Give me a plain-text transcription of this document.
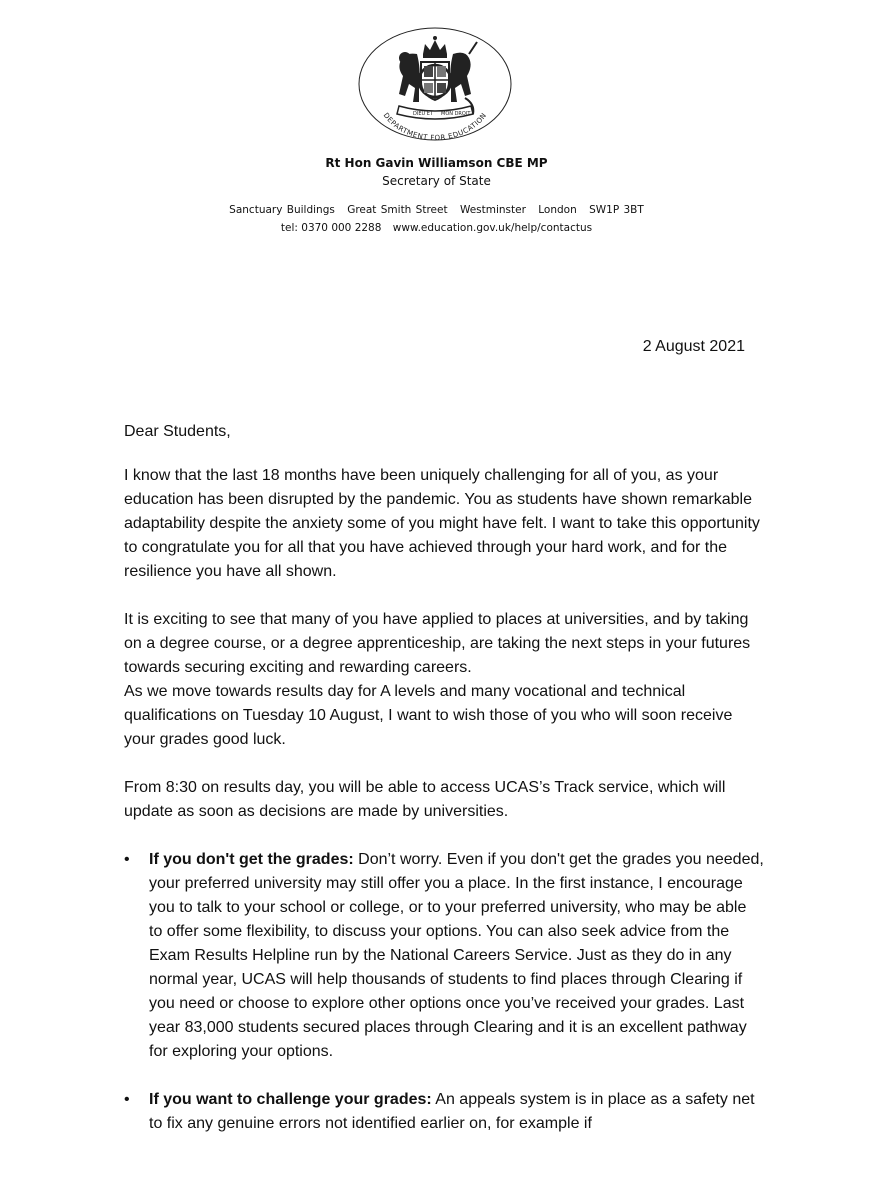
DIEU ET MON DROIT
DEPARTMENT FOR EDUCATION
Rt Hon Gavin Williamson CBE MP
Secretary of State
Sanctuary Buildings Great Smith Street Westminster London SW1P 3BT
tel: 0370 000 2288 www.education.gov.uk/help/contactus
2 August 2021

Dear Students,

I know that the last 18 months have been uniquely challenging for all of you, as your education has been disrupted by the pandemic. You as students have shown remarkable adaptability despite the anxiety some of you might have felt. I want to take this opportunity to congratulate you for all that you have achieved through your hard work, and for the resilience you have all shown.

It is exciting to see that many of you have applied to places at universities, and by taking on a degree course, or a degree apprenticeship, are taking the next steps in your futures towards securing exciting and rewarding careers.

As we move towards results day for A levels and many vocational and technical qualifications on Tuesday 10 August, I want to wish those of you who will soon receive your grades good luck.

From 8:30 on results day, you will be able to access UCAS’s Track service, which will update as soon as decisions are made by universities.

• If you don't get the grades: Don’t worry. Even if you don't get the grades you needed, your preferred university may still offer you a place. In the first instance, I encourage you to talk to your school or college, or to your preferred university, who may be able to offer some flexibility, to discuss your options. You can also seek advice from the Exam Results Helpline run by the National Careers Service. Just as they do in any normal year, UCAS will help thousands of students to find places through Clearing if you need or choose to explore other options once you’ve received your grades. Last year 83,000 students secured places through Clearing and it is an excellent pathway for exploring your options.
• If you want to challenge your grades: An appeals system is in place as a safety net to fix any genuine errors not identified earlier on, for example if
